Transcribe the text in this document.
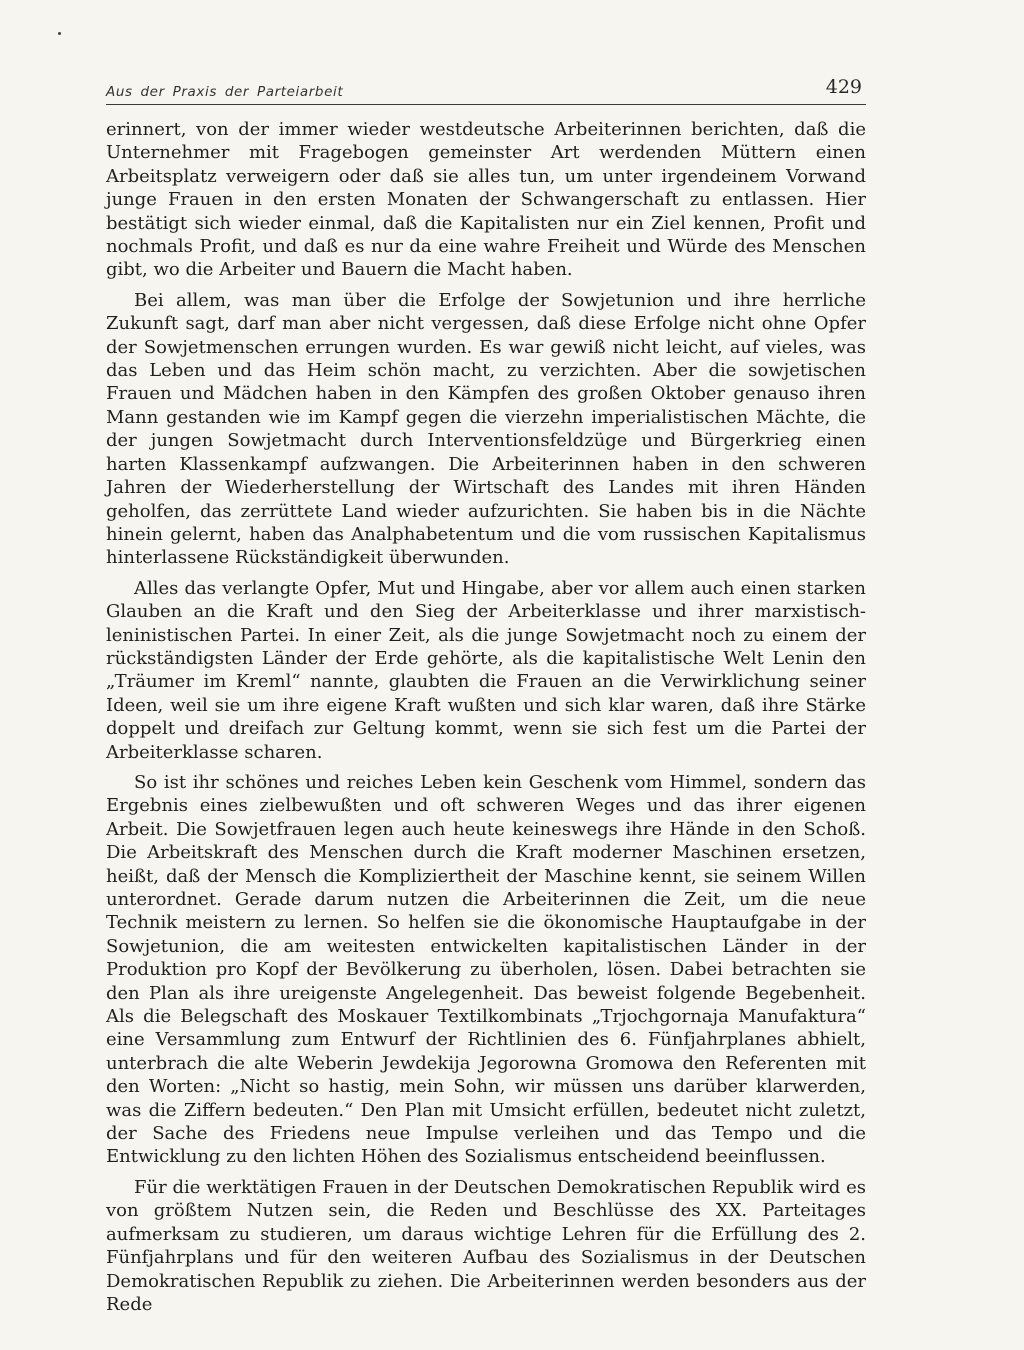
Aus der Praxis der Parteiarbeit	429

erinnert, von der immer wieder westdeutsche Arbeiterinnen berichten, daß die Unternehmer mit Fragebogen gemeinster Art werdenden Müttern einen Arbeitsplatz verweigern oder daß sie alles tun, um unter irgendeinem Vorwand junge Frauen in den ersten Monaten der Schwangerschaft zu entlassen. Hier bestätigt sich wieder einmal, daß die Kapitalisten nur ein Ziel kennen, Profit und nochmals Profit, und daß es nur da eine wahre Freiheit und Würde des Menschen gibt, wo die Arbeiter und Bauern die Macht haben.

Bei allem, was man über die Erfolge der Sowjetunion und ihre herrliche Zukunft sagt, darf man aber nicht vergessen, daß diese Erfolge nicht ohne Opfer der Sowjetmenschen errungen wurden. Es war gewiß nicht leicht, auf vieles, was das Leben und das Heim schön macht, zu verzichten. Aber die sowjetischen Frauen und Mädchen haben in den Kämpfen des großen Oktober genauso ihren Mann gestanden wie im Kampf gegen die vierzehn imperialistischen Mächte, die der jungen Sowjetmacht durch Interventionsfeldzüge und Bürgerkrieg einen harten Klassenkampf aufzwangen. Die Arbeiterinnen haben in den schweren Jahren der Wiederherstellung der Wirtschaft des Landes mit ihren Händen geholfen, das zerrüttete Land wieder aufzurichten. Sie haben bis in die Nächte hinein gelernt, haben das Analphabetentum und die vom russischen Kapitalismus hinterlassene Rückständigkeit überwunden.

Alles das verlangte Opfer, Mut und Hingabe, aber vor allem auch einen starken Glauben an die Kraft und den Sieg der Arbeiterklasse und ihrer marxistisch-leninistischen Partei. In einer Zeit, als die junge Sowjetmacht noch zu einem der rückständigsten Länder der Erde gehörte, als die kapitalistische Welt Lenin den „Träumer im Kreml“ nannte, glaubten die Frauen an die Verwirklichung seiner Ideen, weil sie um ihre eigene Kraft wußten und sich klar waren, daß ihre Stärke doppelt und dreifach zur Geltung kommt, wenn sie sich fest um die Partei der Arbeiterklasse scharen.

So ist ihr schönes und reiches Leben kein Geschenk vom Himmel, sondern das Ergebnis eines zielbewußten und oft schweren Weges und das ihrer eigenen Arbeit. Die Sowjetfrauen legen auch heute keineswegs ihre Hände in den Schoß. Die Arbeitskraft des Menschen durch die Kraft moderner Maschinen ersetzen, heißt, daß der Mensch die Kompliziertheit der Maschine kennt, sie seinem Willen unterordnet. Gerade darum nutzen die Arbeiterinnen die Zeit, um die neue Technik meistern zu lernen. So helfen sie die ökonomische Hauptaufgabe in der Sowjetunion, die am weitesten entwickelten kapitalistischen Länder in der Produktion pro Kopf der Bevölkerung zu überholen, lösen. Dabei betrachten sie den Plan als ihre ureigenste Angelegenheit. Das beweist folgende Begebenheit. Als die Belegschaft des Moskauer Textilkombinats „Trjochgornaja Manufaktura“ eine Versammlung zum Entwurf der Richtlinien des 6. Fünfjahrplanes abhielt, unterbrach die alte Weberin Jewdekija Jegorowna Gromowa den Referenten mit den Worten: „Nicht so hastig, mein Sohn, wir müssen uns darüber klarwerden, was die Ziffern bedeuten.“ Den Plan mit Umsicht erfüllen, bedeutet nicht zuletzt, der Sache des Friedens neue Impulse verleihen und das Tempo und die Entwicklung zu den lichten Höhen des Sozialismus entscheidend beeinflussen.

Für die werktätigen Frauen in der Deutschen Demokratischen Republik wird es von größtem Nutzen sein, die Reden und Beschlüsse des XX. Parteitages aufmerksam zu studieren, um daraus wichtige Lehren für die Erfüllung des 2. Fünfjahrplans und für den weiteren Aufbau des Sozialismus in der Deutschen Demokratischen Republik zu ziehen. Die Arbeiterinnen werden besonders aus der Rede
